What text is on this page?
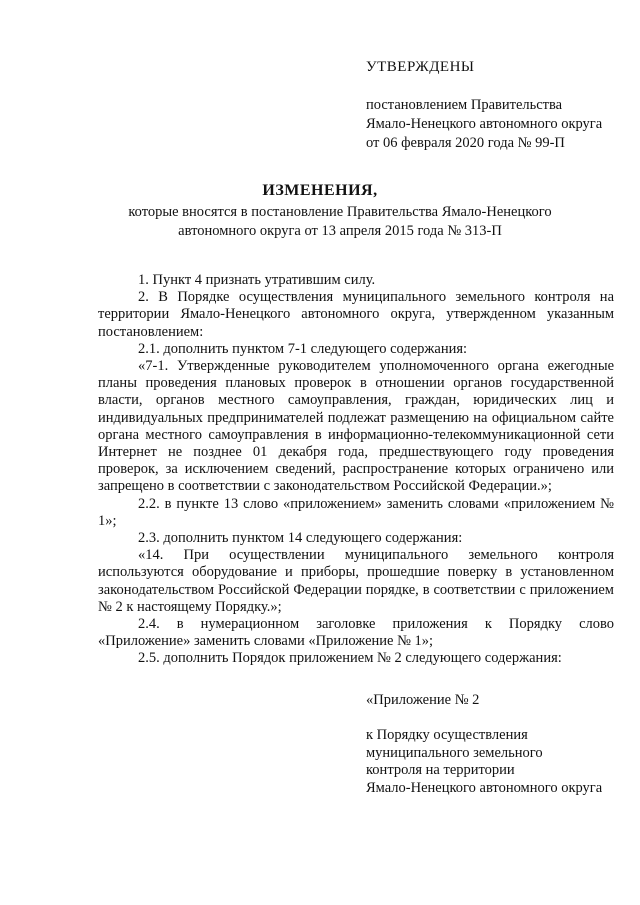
УТВЕРЖДЕНЫ
постановлением Правительства
Ямало-Ненецкого автономного округа
от 06 февраля 2020 года № 99-П
ИЗМЕНЕНИЯ,
которые вносятся в постановление Правительства Ямало-Ненецкого
автономного округа от 13 апреля 2015 года № 313-П

1. Пункт 4 признать утратившим силу.

2. В Порядке осуществления муниципального земельного контроля на территории Ямало-Ненецкого автономного округа, утвержденном указанным постановлением:

2.1. дополнить пунктом 7-1 следующего содержания:

«7-1. Утвержденные руководителем уполномоченного органа ежегодные планы проведения плановых проверок в отношении органов государственной власти, органов местного самоуправления, граждан, юридических лиц и индивидуальных предпринимателей подлежат размещению на официальном сайте органа местного самоуправления в информационно-телекоммуникационной сети Интернет не позднее 01 декабря года, предшествующего году проведения проверок, за исключением сведений, распространение которых ограничено или запрещено в соответствии с законодательством Российской Федерации.»;

2.2. в пункте 13 слово «приложением» заменить словами «приложением № 1»;

2.3. дополнить пунктом 14 следующего содержания:

«14. При осуществлении муниципального земельного контроля используются оборудование и приборы, прошедшие поверку в установленном законодательством Российской Федерации порядке, в соответствии с приложением № 2 к настоящему Порядку.»;

2.4. в нумерационном заголовке приложения к Порядку слово «Приложение» заменить словами «Приложение № 1»;

2.5. дополнить Порядок приложением № 2 следующего содержания:

«Приложение № 2
к Порядку осуществления
муниципального земельного
контроля на территории
Ямало-Ненецкого автономного округа
